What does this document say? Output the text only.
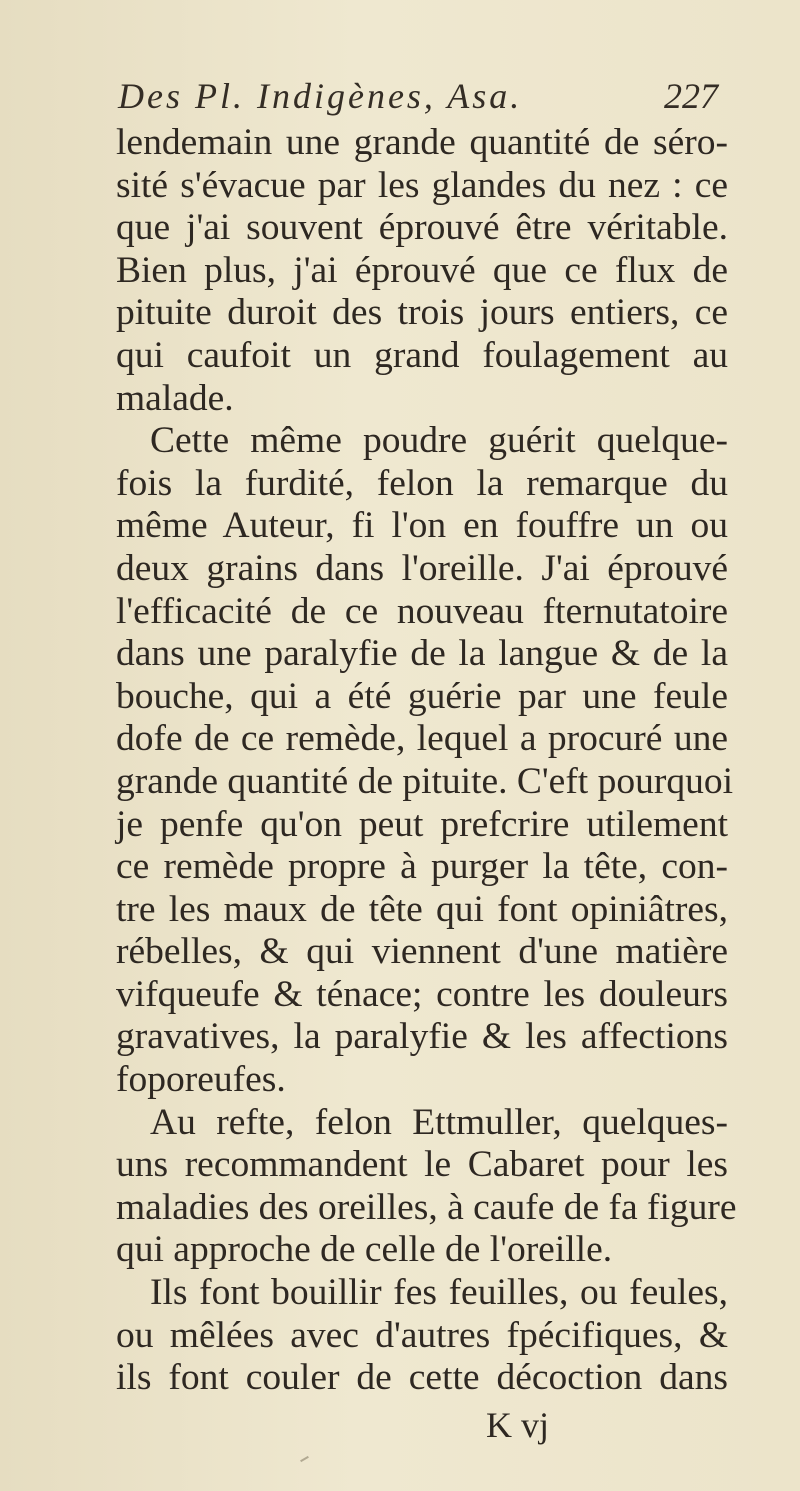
Des Pl. Indigènes, Asa.	227
lendemain une grande quantité de séro-
sité s'évacue par les glandes du nez : ce
que j'ai souvent éprouvé être véritable.
Bien plus, j'ai éprouvé que ce flux de
pituite duroit des trois jours entiers, ce
qui caufoit un grand foulagement au
malade.
Cette même poudre guérit quelque-
fois la furdité, felon la remarque du
même Auteur, fi l'on en fouffre un ou
deux grains dans l'oreille. J'ai éprouvé
l'efficacité de ce nouveau fternutatoire
dans une paralyfie de la langue & de la
bouche, qui a été guérie par une feule
dofe de ce remède, lequel a procuré une
grande quantité de pituite. C'eft pourquoi
je penfe qu'on peut prefcrire utilement
ce remède propre à purger la tête, con-
tre les maux de tête qui font opiniâtres,
rébelles, & qui viennent d'une matière
vifqueufe & ténace; contre les douleurs
gravatives, la paralyfie & les affections
foporeufes.
Au refte, felon Ettmuller, quelques-
uns recommandent le Cabaret pour les
maladies des oreilles, à caufe de fa figure
qui approche de celle de l'oreille.
Ils font bouillir fes feuilles, ou feules,
ou mêlées avec d'autres fpécifiques, &
ils font couler de cette décoction dans
K vj
